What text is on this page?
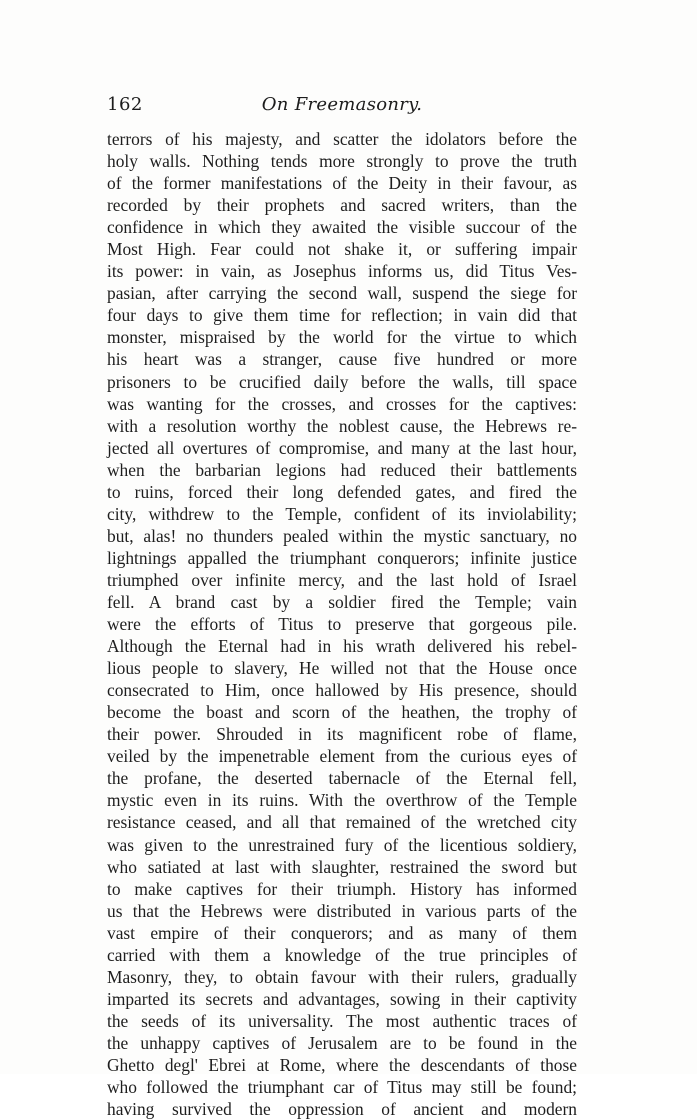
162	On Freemasonry.
terrors of his majesty, and scatter the idolators before the
holy walls. Nothing tends more strongly to prove the truth
of the former manifestations of the Deity in their favour, as
recorded by their prophets and sacred writers, than the
confidence in which they awaited the visible succour of the
Most High. Fear could not shake it, or suffering impair
its power: in vain, as Josephus informs us, did Titus Ves-
pasian, after carrying the second wall, suspend the siege for
four days to give them time for reflection; in vain did that
monster, mispraised by the world for the virtue to which
his heart was a stranger, cause five hundred or more
prisoners to be crucified daily before the walls, till space
was wanting for the crosses, and crosses for the captives:
with a resolution worthy the noblest cause, the Hebrews re-
jected all overtures of compromise, and many at the last hour,
when the barbarian legions had reduced their battlements
to ruins, forced their long defended gates, and fired the
city, withdrew to the Temple, confident of its inviolability;
but, alas! no thunders pealed within the mystic sanctuary, no
lightnings appalled the triumphant conquerors; infinite justice
triumphed over infinite mercy, and the last hold of Israel
fell. A brand cast by a soldier fired the Temple; vain
were the efforts of Titus to preserve that gorgeous pile.
Although the Eternal had in his wrath delivered his rebel-
lious people to slavery, He willed not that the House once
consecrated to Him, once hallowed by His presence, should
become the boast and scorn of the heathen, the trophy of
their power. Shrouded in its magnificent robe of flame,
veiled by the impenetrable element from the curious eyes of
the profane, the deserted tabernacle of the Eternal fell,
mystic even in its ruins. With the overthrow of the Temple
resistance ceased, and all that remained of the wretched city
was given to the unrestrained fury of the licentious soldiery,
who satiated at last with slaughter, restrained the sword but
to make captives for their triumph. History has informed
us that the Hebrews were distributed in various parts of the
vast empire of their conquerors; and as many of them
carried with them a knowledge of the true principles of
Masonry, they, to obtain favour with their rulers, gradually
imparted its secrets and advantages, sowing in their captivity
the seeds of its universality. The most authentic traces of
the unhappy captives of Jerusalem are to be found in the
Ghetto degl' Ebrei at Rome, where the descendants of those
who followed the triumphant car of Titus may still be found;
having survived the oppression of ancient and modern
